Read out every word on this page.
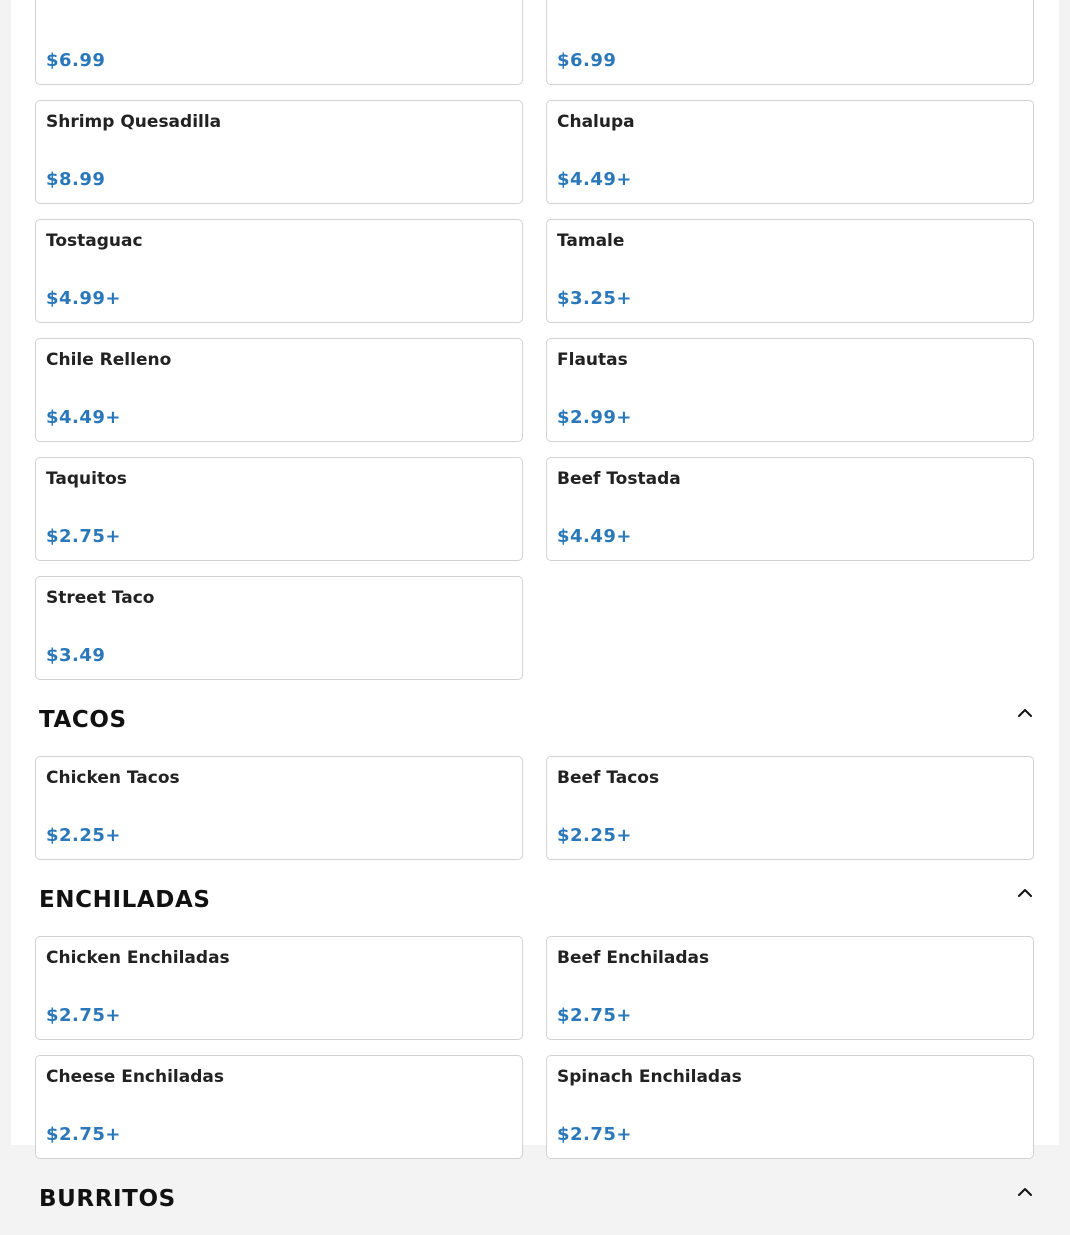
$6.99	$6.99
Shrimp Quesadilla
$8.99
Chalupa
$4.49+
Tostaguac
$4.99+
Tamale
$3.25+
Chile Relleno
$4.49+
Flautas
$2.99+
Taquitos
$2.75+
Beef Tostada
$4.49+
Street Taco
$3.49
TACOS
Chicken Tacos
$2.25+
Beef Tacos
$2.25+
ENCHILADAS
Chicken Enchiladas
$2.75+
Beef Enchiladas
$2.75+
Cheese Enchiladas
$2.75+
Spinach Enchiladas
$2.75+
BURRITOS
